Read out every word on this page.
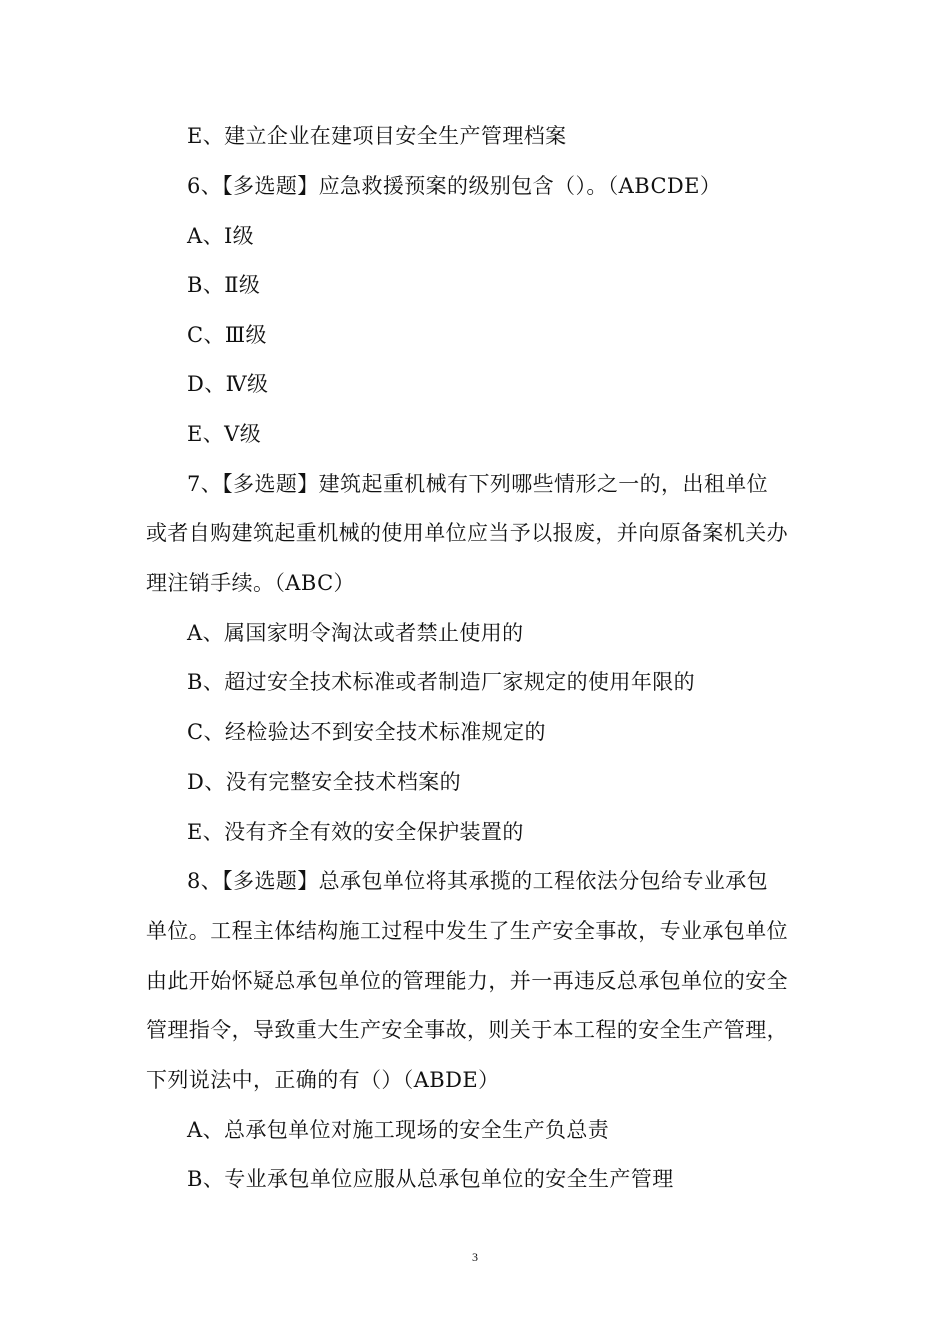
E、建立企业在建项目安全生产管理档案
6、【多选题】应急救援预案的级别包含（）。（ABCDE）
A、Ⅰ级
B、Ⅱ级
C、Ⅲ级
D、Ⅳ级
E、Ⅴ级
7、【多选题】建筑起重机械有下列哪些情形之一的，出租单位
或者自购建筑起重机械的使用单位应当予以报废，并向原备案机关办
理注销手续。（ABC）
A、属国家明令淘汰或者禁止使用的
B、超过安全技术标准或者制造厂家规定的使用年限的
C、经检验达不到安全技术标准规定的
D、没有完整安全技术档案的
E、没有齐全有效的安全保护装置的
8、【多选题】总承包单位将其承揽的工程依法分包给专业承包
单位。工程主体结构施工过程中发生了生产安全事故，专业承包单位
由此开始怀疑总承包单位的管理能力，并一再违反总承包单位的安全
管理指令，导致重大生产安全事故，则关于本工程的安全生产管理，
下列说法中，正确的有（）（ABDE）
A、总承包单位对施工现场的安全生产负总责
B、专业承包单位应服从总承包单位的安全生产管理
3
